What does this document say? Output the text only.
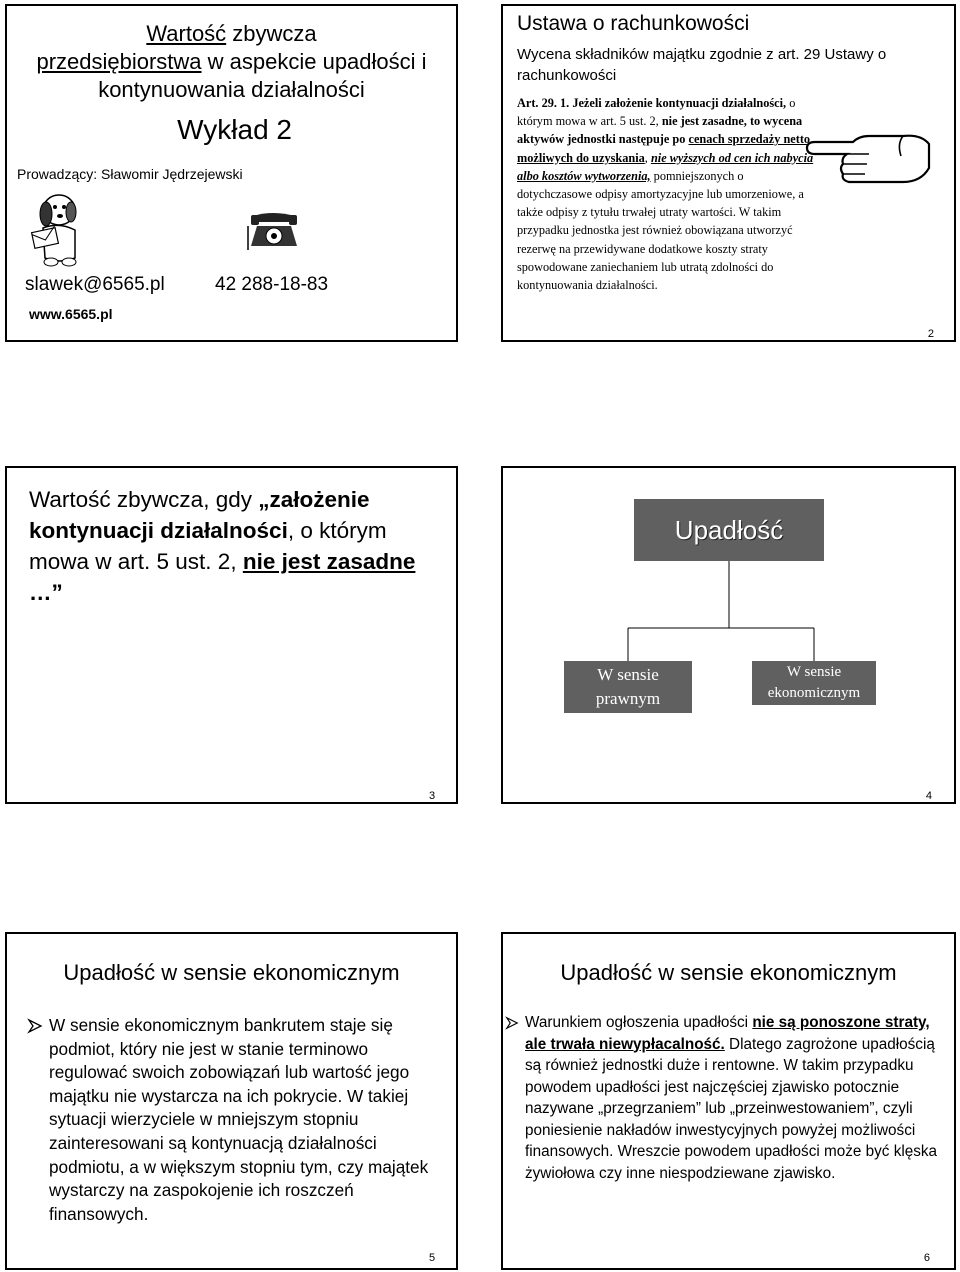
Wartość zbywcza
przedsiębiorstwa w aspekcie upadłości i
kontynuowania działalności
Wykład 2
Prowadzący: Sławomir Jędrzejewski
slawek@6565.pl	42 288-18-83
www.6565.pl
Ustawa o rachunkowości
Wycena składników majątku zgodnie z art. 29 Ustawy o rachunkowości
Art. 29. 1. Jeżeli założenie kontynuacji działalności, o którym mowa w art. 5 ust. 2, nie jest zasadne, to wycena aktywów jednostki następuje po cenach sprzedaży netto możliwych do uzyskania, nie wyższych od cen ich nabycia albo kosztów wytworzenia, pomniejszonych o dotychczasowe odpisy amortyzacyjne lub umorzeniowe, a także odpisy z tytułu trwałej utraty wartości. W takim przypadku jednostka jest również obowiązana utworzyć rezerwę na przewidywane dodatkowe koszty straty spowodowane zaniechaniem lub utratą zdolności do kontynuowania działalności.
2
Wartość zbywcza, gdy „założenie kontynuacji działalności, o którym mowa w art. 5 ust. 2, nie jest zasadne …”
3
Upadłość
W sensie prawnym
W sensie ekonomicznym
4
Upadłość w sensie ekonomicznym
W sensie ekonomicznym bankrutem staje się podmiot, który nie jest w stanie terminowo regulować swoich zobowiązań lub wartość jego majątku nie wystarcza na ich pokrycie. W takiej sytuacji wierzyciele w mniejszym stopniu zainteresowani są kontynuacją działalności podmiotu, a w większym stopniu tym, czy majątek wystarczy na zaspokojenie ich roszczeń finansowych.
5
Upadłość w sensie ekonomicznym
Warunkiem ogłoszenia upadłości nie są ponoszone straty, ale trwała niewypłacalność. Dlatego zagrożone upadłością są również jednostki duże i rentowne. W takim przypadku powodem upadłości jest najczęściej zjawisko potocznie nazywane „przegrzaniem” lub „przeinwestowaniem”, czyli poniesienie nakładów inwestycyjnych powyżej możliwości finansowych. Wreszcie powodem upadłości może być klęska żywiołowa czy inne niespodziewane zjawisko.
6
